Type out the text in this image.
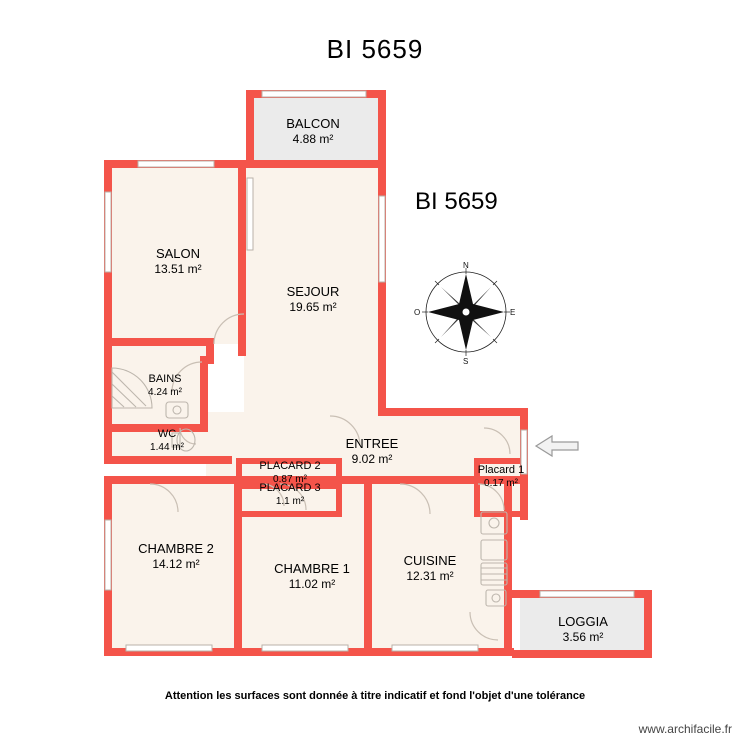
N
S
E
O
BI 5659
BI 5659
BALCON
4.88 m²
SALON
13.51 m²
SEJOUR
19.65 m²
BAINS
4.24 m²
WC
1.44 m²	ENTREE
9.02 m²
PLACARD 2
0.87 m²
PLACARD 3
1.1 m²
Placard 1
0.17 m²
CHAMBRE 2
14.12 m²	CHAMBRE 1
11.02 m²
CUISINE
12.31 m²
LOGGIA
3.56 m²
Attention les surfaces sont donnée à titre indicatif et fond l'objet d'une tolérance
www.archifacile.fr
